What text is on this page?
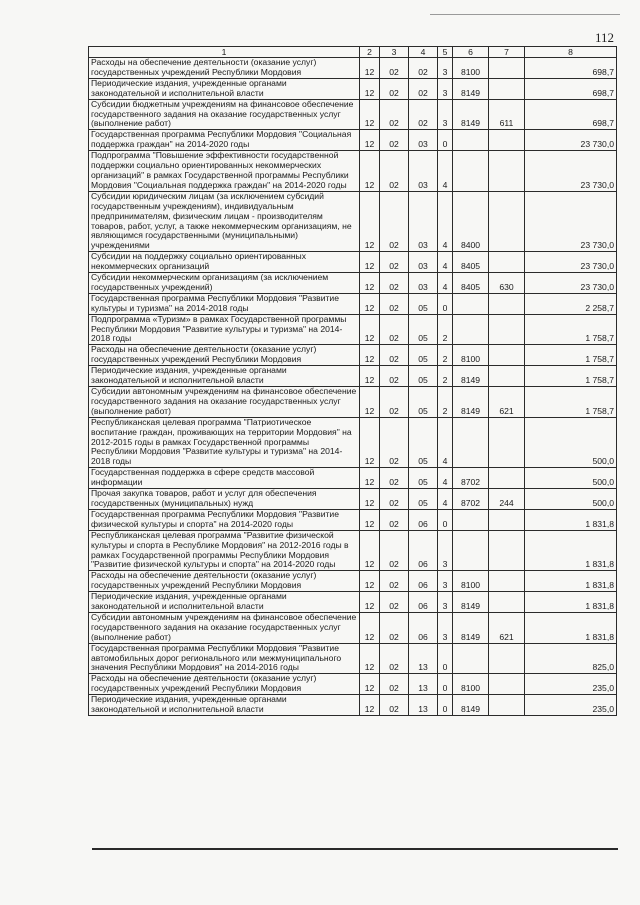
112
1	2	3	4	5	6	7	8
Расходы на обеспечение деятельности (оказание услуг) государственных учреждений Республики Мордовия	12	02	02	3	8100		698,7
Периодические издания, учрежденные органами законодательной и исполнительной власти	12	02	02	3	8149		698,7
Субсидии бюджетным учреждениям на финансовое обеспечение государственного задания на оказание государственных услуг (выполнение работ)	12	02	02	3	8149	611	698,7
Государственная программа Республики Мордовия "Социальная поддержка граждан" на 2014-2020 годы	12	02	03	0			23 730,0
Подпрограмма "Повышение эффективности государственной поддержки социально ориентированных некоммерческих организаций" в рамках Государственной программы Республики Мордовия "Социальная поддержка граждан" на 2014-2020 годы	12	02	03	4			23 730,0
Субсидии юридическим лицам (за исключением субсидий государственным учреждениям), индивидуальным предпринимателям, физическим лицам - производителям товаров, работ, услуг, а также некоммерческим организациям, не являющимся государственными (муниципальными) учреждениями	12	02	03	4	8400		23 730,0
Субсидии на поддержку социально ориентированных некоммерческих организаций	12	02	03	4	8405		23 730,0
Субсидии некоммерческим организациям (за исключением государственных учреждений)	12	02	03	4	8405	630	23 730,0
Государственная программа Республики Мордовия "Развитие культуры и туризма" на 2014-2018 годы	12	02	05	0			2 258,7
Подпрограмма «Туризм» в рамках Государственной программы Республики Мордовия "Развитие культуры и туризма" на 2014-2018 годы	12	02	05	2			1 758,7
Расходы на обеспечение деятельности (оказание услуг) государственных учреждений Республики Мордовия	12	02	05	2	8100		1 758,7
Периодические издания, учрежденные органами законодательной и исполнительной власти	12	02	05	2	8149		1 758,7
Субсидии автономным учреждениям на финансовое обеспечение государственного задания на оказание государственных услуг (выполнение работ)	12	02	05	2	8149	621	1 758,7
Республиканская целевая программа "Патриотическое воспитание граждан, проживающих на территории Мордовия" на 2012-2015 годы в рамках Государственной программы Республики Мордовия "Развитие культуры и туризма" на 2014-2018 годы	12	02	05	4			500,0
Государственная поддержка в сфере средств массовой информации	12	02	05	4	8702		500,0
Прочая закупка товаров, работ и услуг для обеспечения государственных (муниципальных) нужд	12	02	05	4	8702	244	500,0
Государственная программа Республики Мордовия "Развитие физической культуры и спорта" на 2014-2020 годы	12	02	06	0			1 831,8
Республиканская целевая программа "Развитие физической культуры и спорта в Республике Мордовия" на 2012-2016 годы в рамках Государственной программы Республики Мордовия "Развитие физической культуры и спорта" на 2014-2020 годы	12	02	06	3			1 831,8
Расходы на обеспечение деятельности (оказание услуг) государственных учреждений Республики Мордовия	12	02	06	3	8100		1 831,8
Периодические издания, учрежденные органами законодательной и исполнительной власти	12	02	06	3	8149		1 831,8
Субсидии автономным учреждениям на финансовое обеспечение государственного задания на оказание государственных услуг (выполнение работ)	12	02	06	3	8149	621	1 831,8
Государственная программа Республики Мордовия "Развитие автомобильных дорог регионального или межмуниципального значения Республики Мордовия" на 2014-2016 годы	12	02	13	0			825,0
Расходы на обеспечение деятельности (оказание услуг) государственных учреждений Республики Мордовия	12	02	13	0	8100		235,0
Периодические издания, учрежденные органами законодательной и исполнительной власти	12	02	13	0	8149		235,0
